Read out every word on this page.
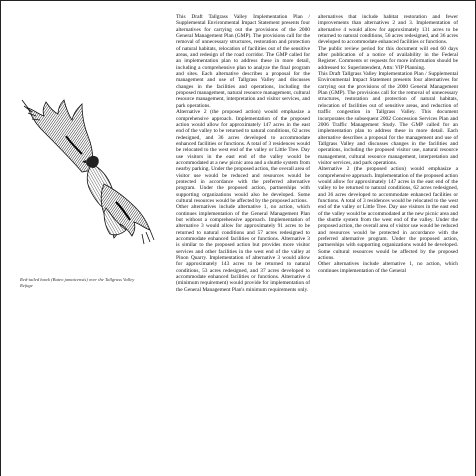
Red-tailed hawk (Buteo jamaicensis) over the Tallgrass Valley Refuge

This Draft Tallgrass Valley Implementation Plan / Supplemental Environmental Impact Statement presents four alternatives for carrying out the provisions of the 2000 General Management Plan (GMP). The provisions call for the removal of unnecessary structures, restoration and protection of natural habitats, relocation of facilities out of the sensitive areas, and redesign of the road corridor. The GMP called for an implementation plan to address these in more detail, including a comprehensive plan to analyze the final program and sites. Each alternative describes a proposal for the management and use of Tallgrass Valley and discusses changes in the facilities and operations, including the proposed management, natural resource management, cultural resource management, interpretation and visitor services, and park operations.

Alternative 2 (the proposed action) would emphasize a comprehensive approach. Implementation of the proposed action would allow for approximately 147 acres in the east end of the valley to be returned to natural conditions, 62 acres redesigned, and 36 acres developed to accommodate enhanced facilities or functions. A total of 3 residences would be relocated to the west end of the valley or Little Tree. Day use visitors in the east end of the valley would be accommodated at a new picnic area and a shuttle system from nearby parking. Under the proposed action, the overall area of visitor use would be reduced and resources would be protected in accordance with the preferred alternative program. Under the proposed action, partnerships with supporting organizations would also be developed. Some cultural resources would be affected by the proposed actions.

Other alternatives include alternative 1, no action, which continues implementation of the General Management Plan but without a comprehensive approach. Implementation of alternative 3 would allow for approximately 91 acres to be returned to natural conditions and 57 acres redesigned to accommodate enhanced facilities or functions. Alternative 3 is similar to the proposed action but provides more visitor services and other facilities in the west end of the valley at Pinon Quarry. Implementation of alternative 3 would allow for approximately 143 acres to be returned to natural conditions, 53 acres redesigned, and 37 acres developed to accommodate enhanced facilities or functions. Alternative 4 (minimum requirement) would provide for implementation of the General Management Plan's minimum requirements only.

alternatives that include habitat restoration and fewer improvements than alternatives 2 and 3. Implementation of alternative 4 would allow for approximately 131 acres to be returned to natural conditions, 56 acres redesigned, and 36 acres developed to accommodate enhanced facilities or functions.

The public review period for this document will end 60 days after publication of a notice of availability in the Federal Register. Comments or requests for more information should be addressed to: Superintendent, Attn: VIP Planning.

This Draft Tallgrass Valley Implementation Plan / Supplemental Environmental Impact Statement presents four alternatives for carrying out the provisions of the 2000 General Management Plan (GMP). The provisions call for the removal of unnecessary structures, restoration and protection of natural habitats, relocation of facilities out of sensitive areas, and reduction of traffic congestion in Tallgrass Valley. This document incorporates the subsequent 2002 Concession Services Plan and 2006 Traffic Management Study. The GMP called for an implementation plan to address these in more detail. Each alternative describes a proposal for the management and use of Tallgrass Valley and discusses changes in the facilities and operations, including the proposed visitor use, natural resource management, cultural resource management, interpretation and visitor services, and park operations.

Alternative 2 (the proposed action) would emphasize a comprehensive approach. Implementation of the proposed action would allow for approximately 147 acres in the east end of the valley to be returned to natural conditions, 62 acres redesigned, and 36 acres developed to accommodate enhanced facilities or functions. A total of 3 residences would be relocated to the west end of the valley or Little Tree. Day use visitors in the east end of the valley would be accommodated at the new picnic area and the shuttle system from the west end of the valley. Under the proposed action, the overall area of visitor use would be reduced and resources would be protected in accordance with the preferred alternative program. Under the proposed action, partnerships with supporting organizations would be developed. Some cultural resources would be affected by the proposed actions.

Other alternatives include alternative 1, no action, which continues implementation of the General
